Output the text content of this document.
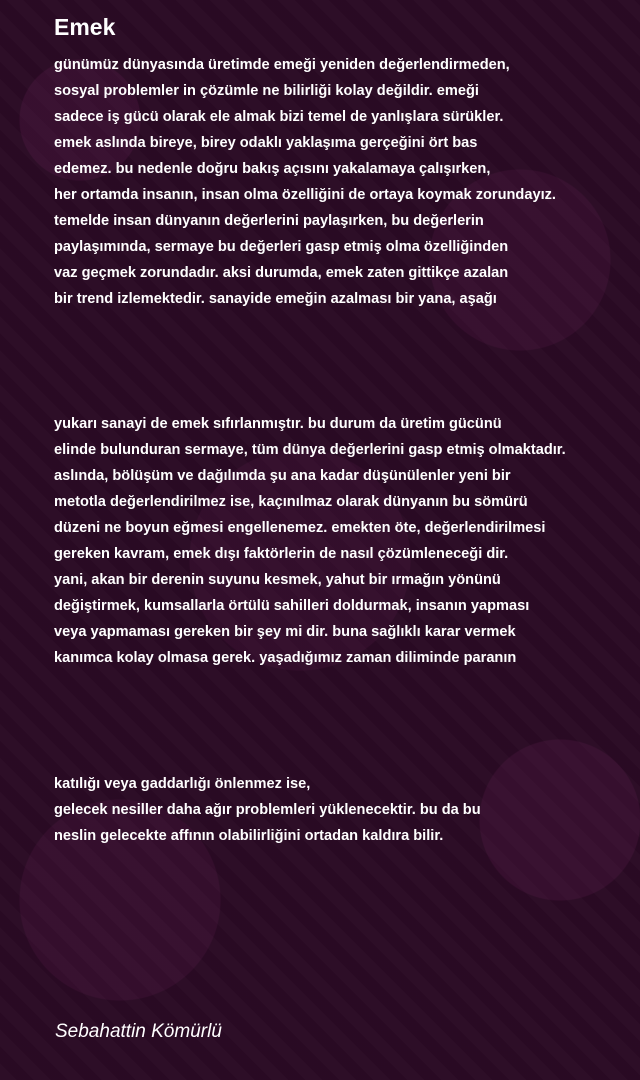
Emek
günümüz dünyasında üretimde emeği yeniden değerlendirmeden,
sosyal problemler in çözümle ne bilirliği kolay değildir. emeği
sadece iş gücü olarak ele almak bizi temel de yanlışlara sürükler.
emek aslında bireye, birey odaklı yaklaşıma gerçeğini ört bas
edemez. bu nedenle doğru bakış açısını yakalamaya çalışırken,
her ortamda insanın, insan olma özelliğini de ortaya koymak zorundayız.
temelde insan dünyanın değerlerini paylaşırken, bu değerlerin
paylaşımında, sermaye bu değerleri gasp etmiş olma özelliğinden
vaz geçmek zorundadır. aksi durumda, emek zaten gittikçe azalan
bir trend izlemektedir. sanayide emeğin azalması bir yana, aşağı
yukarı sanayi de emek sıfırlanmıştır. bu durum da üretim gücünü
elinde bulunduran sermaye, tüm dünya değerlerini gasp etmiş olmaktadır.
aslında, bölüşüm ve dağılımda şu ana kadar düşünülenler yeni bir
metotla değerlendirilmez ise, kaçınılmaz olarak dünyanın bu sömürü
düzeni ne boyun eğmesi engellenemez. emekten öte, değerlendirilmesi
gereken kavram, emek dışı faktörlerin de nasıl çözümleneceği dir.
yani, akan bir derenin suyunu kesmek, yahut bir ırmağın yönünü
değiştirmek, kumsallarla örtülü sahilleri doldurmak, insanın yapması
veya yapmaması gereken bir şey mi dir. buna sağlıklı karar vermek
kanımca kolay olmasa gerek. yaşadığımız zaman diliminde paranın
katılığı veya gaddarlığı önlenmez ise,
gelecek nesiller daha ağır problemleri yüklenecektir. bu da bu
neslin gelecekte affının olabilirliğini ortadan kaldıra bilir.
Sebahattin Kömürlü
